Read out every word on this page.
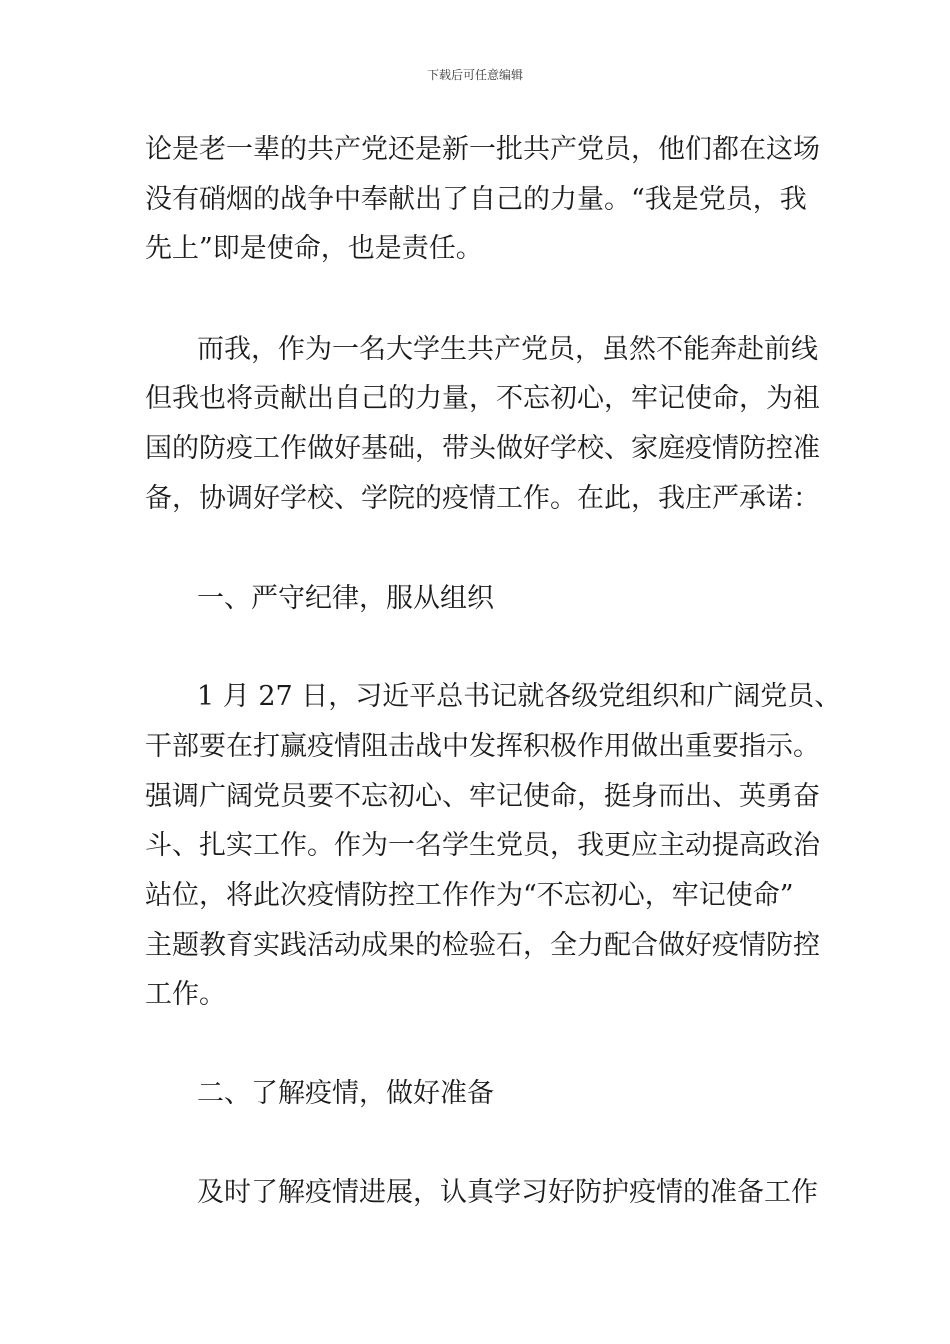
下载后可任意编辑
论是老一辈的共产党还是新一批共产党员，他们都在这场
没有硝烟的战争中奉献出了自己的力量。“我是党员，我
先上”即是使命，也是责任。
而我，作为一名大学生共产党员，虽然不能奔赴前线
但我也将贡献出自己的力量，不忘初心，牢记使命，为祖
国的防疫工作做好基础，带头做好学校、家庭疫情防控准
备，协调好学校、学院的疫情工作。在此，我庄严承诺：
一、严守纪律，服从组织
1 月 27 日，习近平总书记就各级党组织和广阔党员、
干部要在打赢疫情阻击战中发挥积极作用做出重要指示。
强调广阔党员要不忘初心、牢记使命，挺身而出、英勇奋
斗、扎实工作。作为一名学生党员，我更应主动提高政治
站位，将此次疫情防控工作作为“不忘初心，牢记使命”
主题教育实践活动成果的检验石，全力配合做好疫情防控
工作。
二、了解疫情，做好准备
及时了解疫情进展，认真学习好防护疫情的准备工作
